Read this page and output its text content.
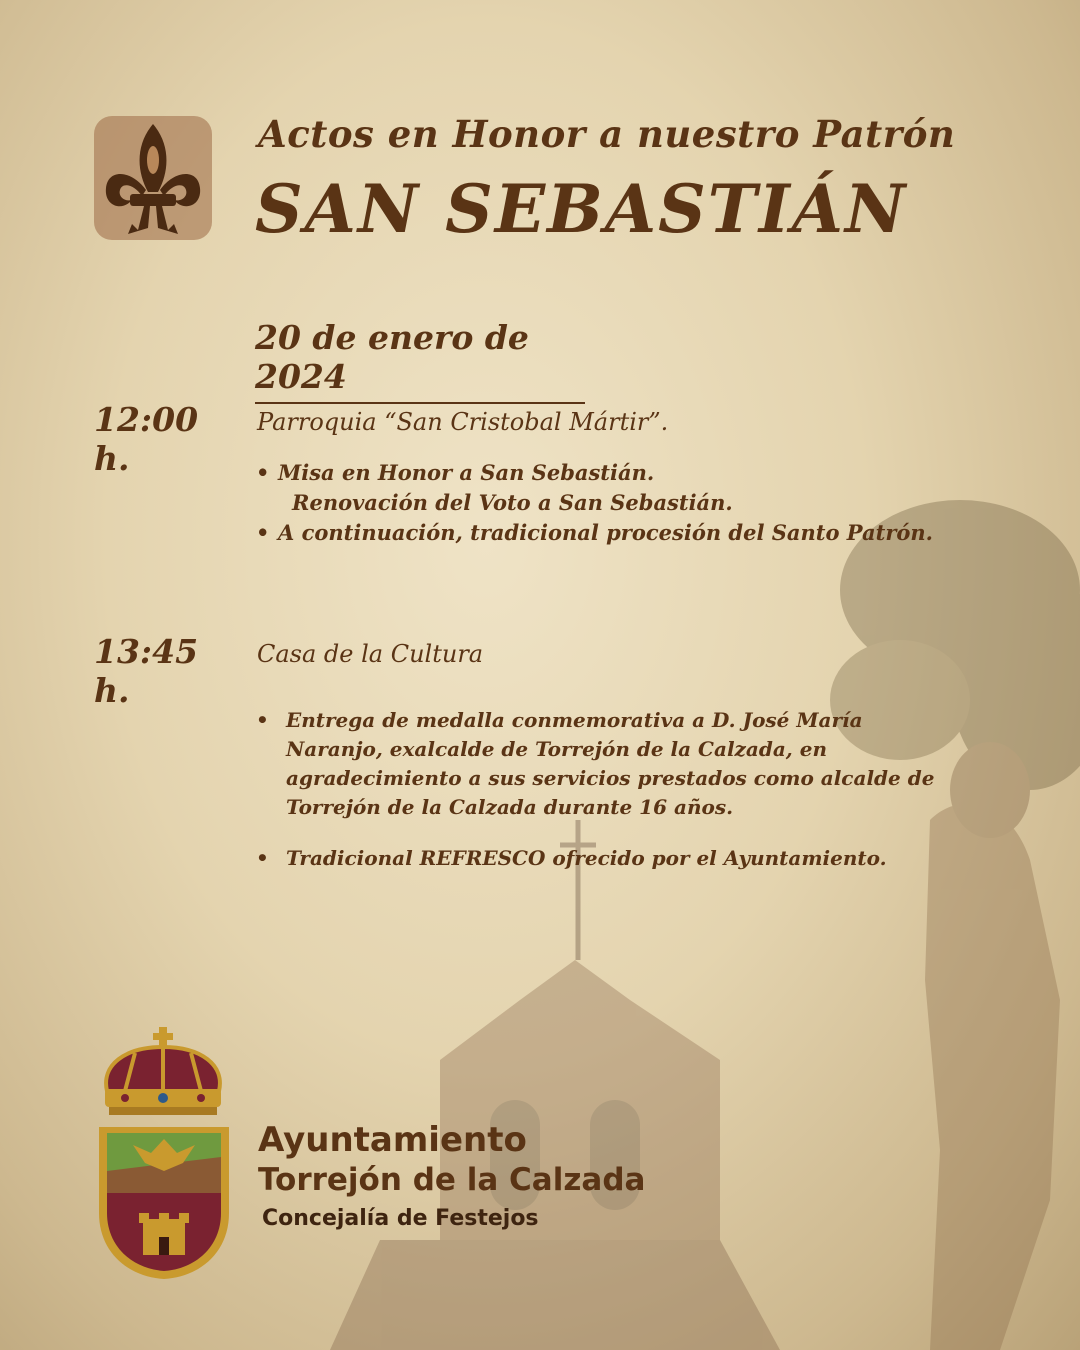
Actos en Honor a nuestro Patrón
SAN SEBASTIÁN
20 de enero de 2024
12:00 h.
Parroquia “San Cristobal Mártir”.
• Misa en Honor a San Sebastián.
Renovación del Voto a San Sebastián.
• A continuación, tradicional procesión del Santo Patrón.
13:45 h.
Casa de la Cultura
• Entrega de medalla conmemorativa a D. José María Naranjo, exalcalde de Torrejón de la Calzada, en agradecimiento a sus servicios prestados como alcalde de Torrejón de la Calzada durante 16 años.
• Tradicional REFRESCO ofrecido por el Ayuntamiento.
Ayuntamiento
Torrejón de la Calzada
Concejalía de Festejos
